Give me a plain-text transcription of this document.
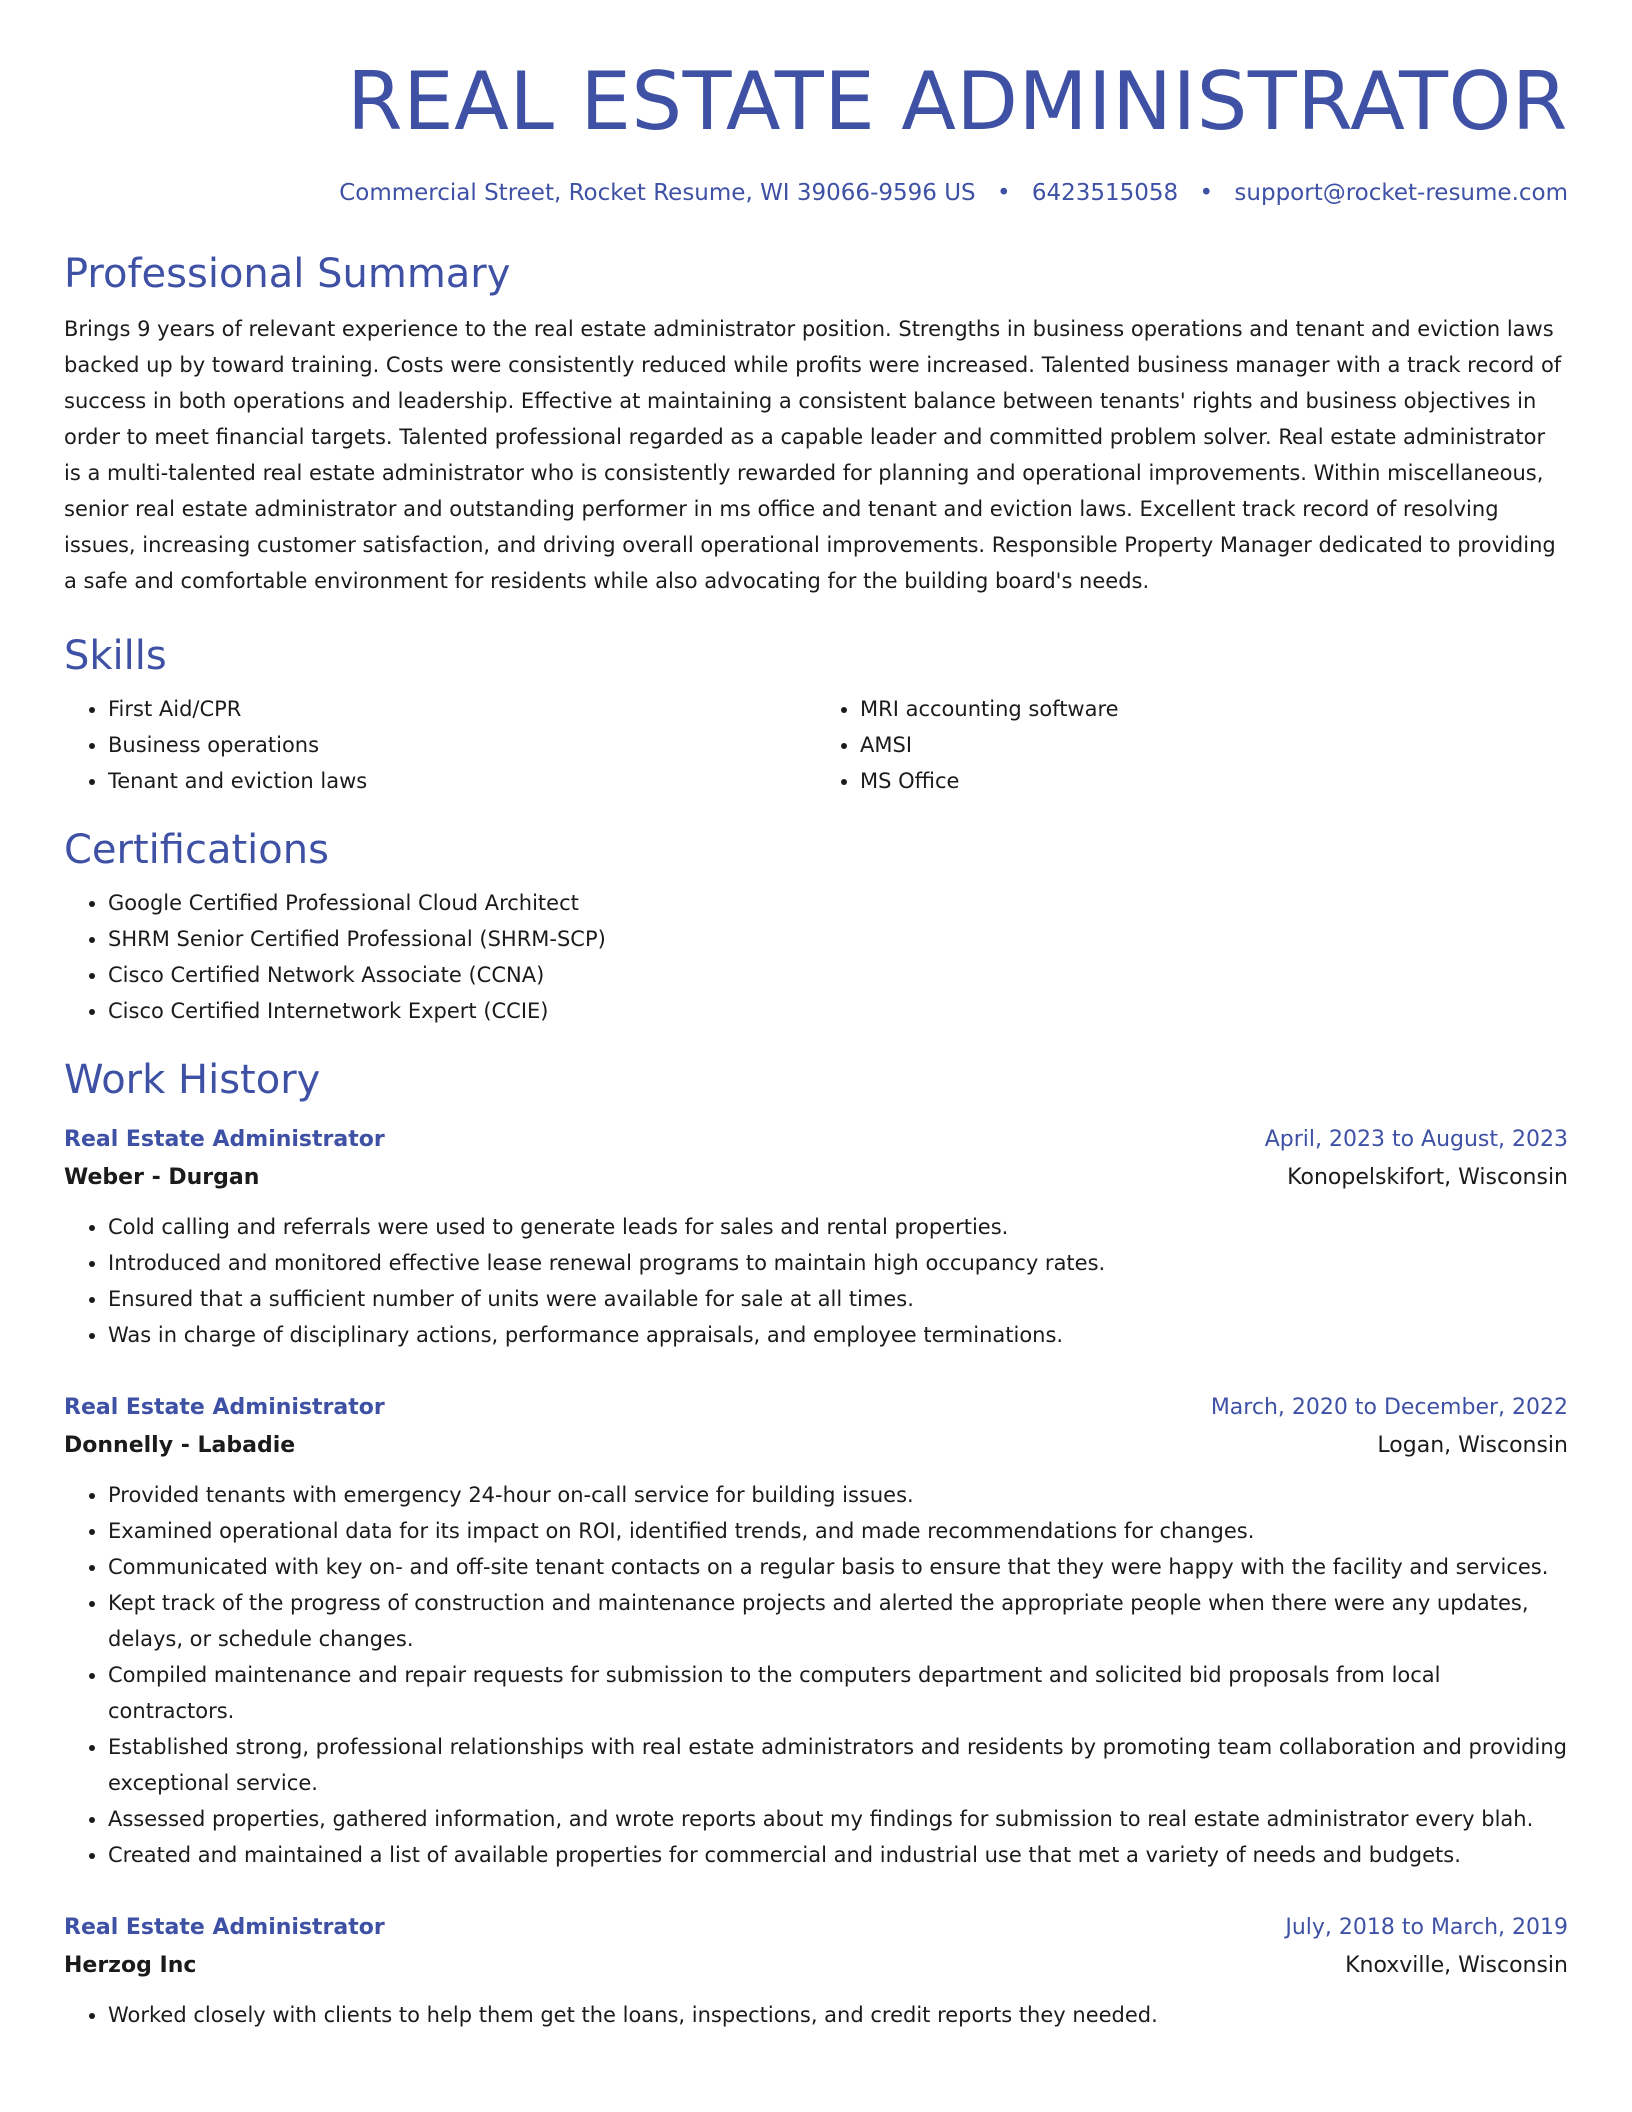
REAL ESTATE ADMINISTRATOR
Commercial Street, Rocket Resume, WI 39066-9596 US • 6423515058 • support@rocket-resume.com
Professional Summary

Brings 9 years of relevant experience to the real estate administrator position. Strengths in business operations and tenant and eviction laws backed up by toward training. Costs were consistently reduced while profits were increased. Talented business manager with a track record of success in both operations and leadership. Effective at maintaining a consistent balance between tenants' rights and business objectives in order to meet financial targets. Talented professional regarded as a capable leader and committed problem solver. Real estate administrator is a multi-talented real estate administrator who is consistently rewarded for planning and operational improvements. Within miscellaneous, senior real estate administrator and outstanding performer in ms office and tenant and eviction laws. Excellent track record of resolving issues, increasing customer satisfaction, and driving overall operational improvements. Responsible Property Manager dedicated to providing a safe and comfortable environment for residents while also advocating for the building board's needs.

Skills
• First Aid/CPR
• Business operations
• Tenant and eviction laws
• MRI accounting software
• AMSI
• MS Office
Certifications
• Google Certified Professional Cloud Architect
• SHRM Senior Certified Professional (SHRM-SCP)
• Cisco Certified Network Associate (CCNA)
• Cisco Certified Internetwork Expert (CCIE)
Work History
Real Estate Administrator	April, 2023 to August, 2023
Weber - Durgan	Konopelskifort, Wisconsin
• Cold calling and referrals were used to generate leads for sales and rental properties.
• Introduced and monitored effective lease renewal programs to maintain high occupancy rates.
• Ensured that a sufficient number of units were available for sale at all times.
• Was in charge of disciplinary actions, performance appraisals, and employee terminations.
Real Estate Administrator	March, 2020 to December, 2022
Donnelly - Labadie	Logan, Wisconsin
• Provided tenants with emergency 24-hour on-call service for building issues.
• Examined operational data for its impact on ROI, identified trends, and made recommendations for changes.
• Communicated with key on- and off-site tenant contacts on a regular basis to ensure that they were happy with the facility and services.
• Kept track of the progress of construction and maintenance projects and alerted the appropriate people when there were any updates, delays, or schedule changes.
• Compiled maintenance and repair requests for submission to the computers department and solicited bid proposals from local contractors.
• Established strong, professional relationships with real estate administrators and residents by promoting team collaboration and providing exceptional service.
• Assessed properties, gathered information, and wrote reports about my findings for submission to real estate administrator every blah.
• Created and maintained a list of available properties for commercial and industrial use that met a variety of needs and budgets.
Real Estate Administrator	July, 2018 to March, 2019
Herzog Inc	Knoxville, Wisconsin
• Worked closely with clients to help them get the loans, inspections, and credit reports they needed.
